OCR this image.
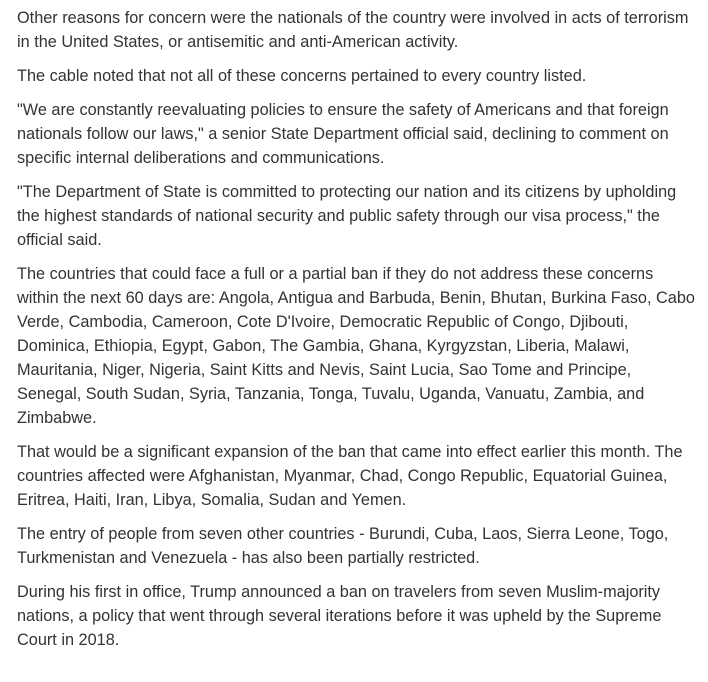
Other reasons for concern were the nationals of the country were involved in acts of terrorism in the United States, or antisemitic and anti-American activity.

The cable noted that not all of these concerns pertained to every country listed.

"We are constantly reevaluating policies to ensure the safety of Americans and that foreign nationals follow our laws," a senior State Department official said, declining to comment on specific internal deliberations and communications.

"The Department of State is committed to protecting our nation and its citizens by upholding the highest standards of national security and public safety through our visa process," the official said.

The countries that could face a full or a partial ban if they do not address these concerns within the next 60 days are: Angola, Antigua and Barbuda, Benin, Bhutan, Burkina Faso, Cabo Verde, Cambodia, Cameroon, Cote D'Ivoire, Democratic Republic of Congo, Djibouti, Dominica, Ethiopia, Egypt, Gabon, The Gambia, Ghana, Kyrgyzstan, Liberia, Malawi, Mauritania, Niger, Nigeria, Saint Kitts and Nevis, Saint Lucia, Sao Tome and Principe, Senegal, South Sudan, Syria, Tanzania, Tonga, Tuvalu, Uganda, Vanuatu, Zambia, and Zimbabwe.

That would be a significant expansion of the ban that came into effect earlier this month. The countries affected were Afghanistan, Myanmar, Chad, Congo Republic, Equatorial Guinea, Eritrea, Haiti, Iran, Libya, Somalia, Sudan and Yemen.

The entry of people from seven other countries - Burundi, Cuba, Laos, Sierra Leone, Togo, Turkmenistan and Venezuela - has also been partially restricted.

During his first in office, Trump announced a ban on travelers from seven Muslim-majority nations, a policy that went through several iterations before it was upheld by the Supreme Court in 2018.
